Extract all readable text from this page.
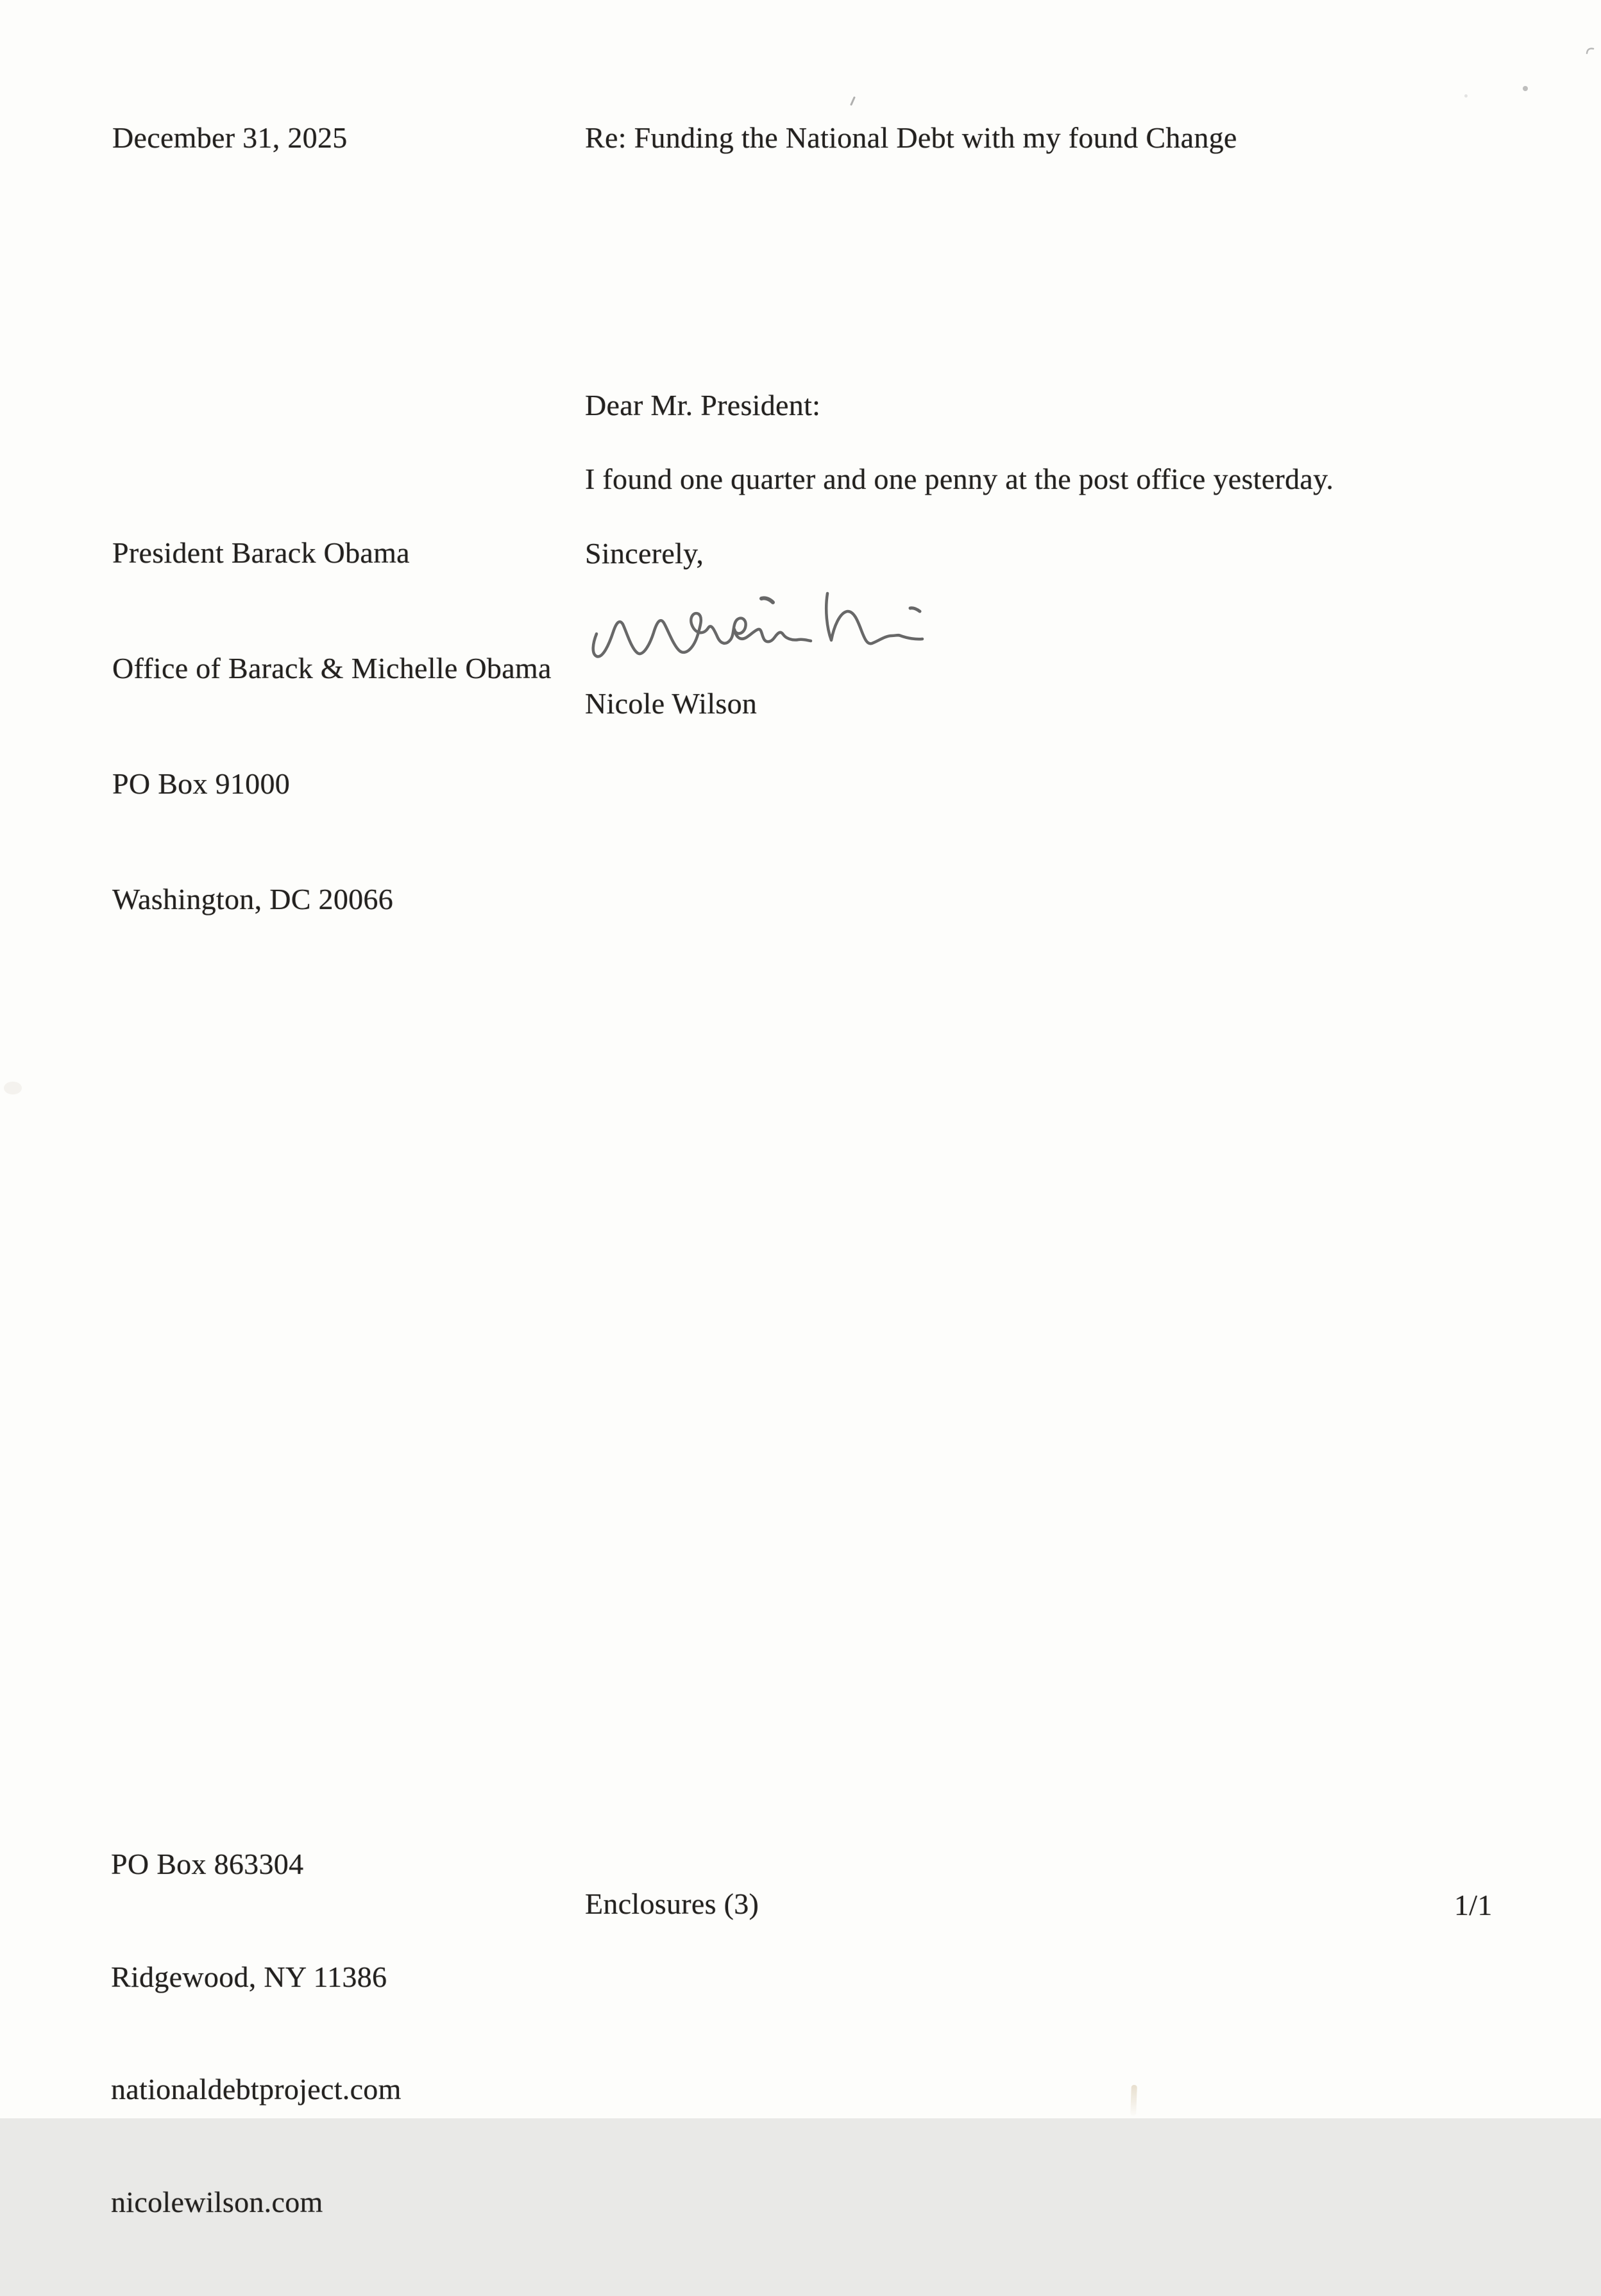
December 31, 2025	Re: Funding the National Debt with my found Change
Dear Mr. President:

President Barack Obama

Office of Barack & Michelle Obama

PO Box 91000

Washington, DC 20066

I found one quarter and one penny at the post office yesterday.
Sincerely,
Nicole Wilson

PO Box 863304

Ridgewood, NY 11386

nationaldebtproject.com

nicolewilson.com

Enclosures (3)	1/1
